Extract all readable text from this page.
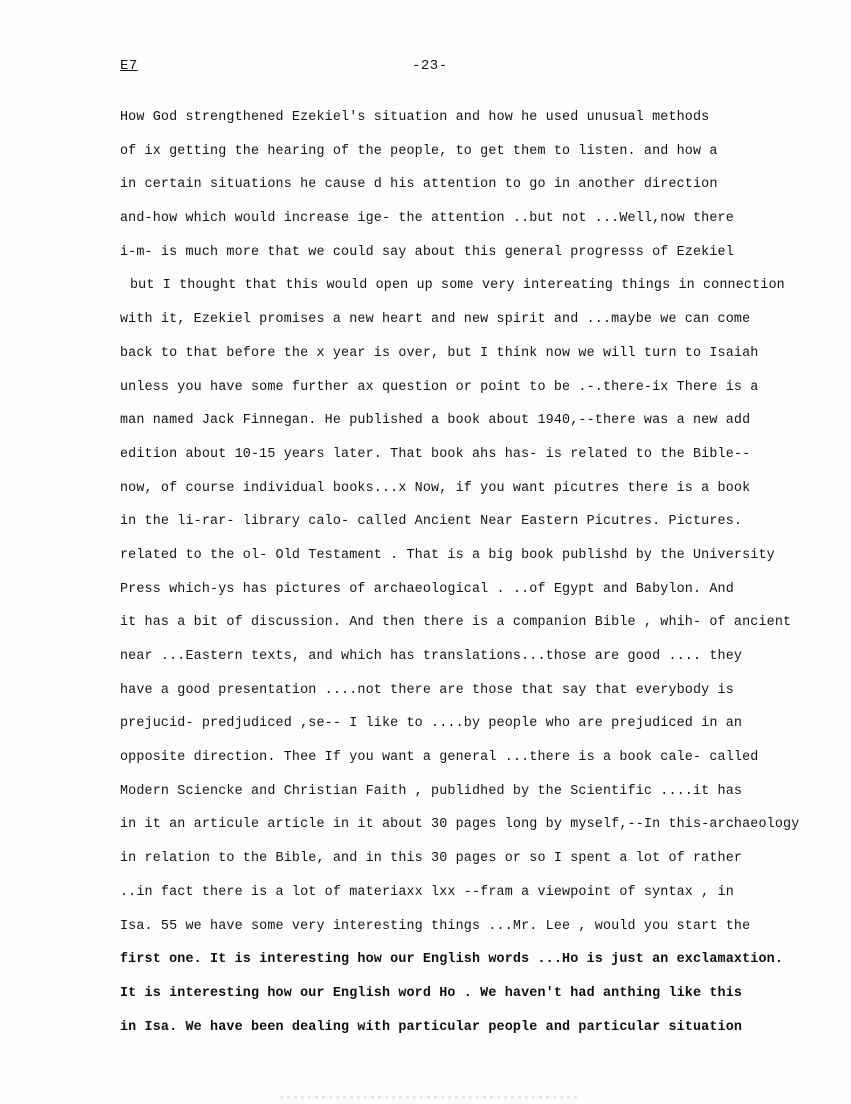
E7	-23-
How God strengthened Ezekiel's situation and how he used unusual methods
of ix getting the hearing of the people, to get them to listen. and how a
in certain situations he cause d his attention to go in another direction
and-how which would increase ige- the attention ..but not ...Well,now there
i-m- is much more that we could say about this general progresss of Ezekiel
but I thought that this would open up some very intereating things in connection
with it, Ezekiel promises a new heart and new spirit and ...maybe we can come
back to that before the x year is over, but I think now we will turn to Isaiah
unless you have some further ax question or point to be .-.there-ix There is a
man named Jack Finnegan. He published a book about 1940,--there was a new add
edition about 10-15 years later. That book ahs has- is related to the Bible--
now, of course individual books...x Now, if you want picutres there is a book
in the li-rar- library calo- called Ancient Near Eastern Picutres. Pictures.
related to the ol- Old Testament . That is a big book publishd by the University
Press which-ys has pictures of archaeological . ..of Egypt and Babylon. And
it has a bit of discussion. And then there is a companion Bible , whih- of ancient
near ...Eastern texts, and which has translations...those are good .... they
have a good presentation ....not there are those that say that everybody is
prejucid- predjudiced ,se-- I like to ....by people who are prejudiced in an
opposite direction. Thee If you want a general ...there is a book cale- called
Modern Sciencke and Christian Faith , publidhed by the Scientific ....it has
in it an articule article in it about 30 pages long by myself,--In this-archaeology
in relation to the Bible, and in this 30 pages or so I spent a lot of rather
..in fact there is a lot of materiaxx lxx --fram a viewpoint of syntax , in
Isa. 55 we have some very interesting things ...Mr. Lee , would you start the
first one. It is interesting how our English words ...Ho is just an exclamaxtion.
It is interesting how our English word Ho . We haven't had anthing like this
in Isa. We have been dealing with particular people and particular situation
